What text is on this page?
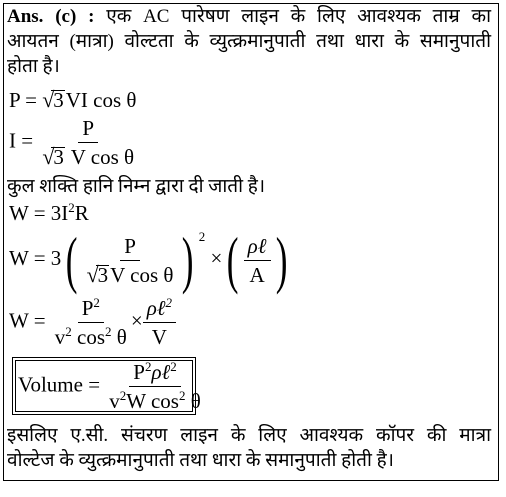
Ans. (c) : एक AC पारेषण लाइन के लिए आवश्यक ताम्र का
आयतन (मात्रा) वोल्टता के व्युत्क्रमानुपाती तथा धारा के समानुपाती
होता है।
P = √
3VI cos θ
I = P
√
3 V cos θ
कुल शक्ति हानि निम्न द्वारा दी जाती है।
$W = 3I^2R$
W = 3( P
√
3V cos θ ) $^2$ ×( $\frac{\text{ρℓ}}{A}$ )
$W = \frac{P^2}{v^2 \cos^2 \theta} \times \frac{\rho\ell^2}{V}$
Volume = $\frac{P^2\rho\ell^2}{v^2W \cos^2 \theta}$
इसलिए ए.सी. संचरण लाइन के लिए आवश्यक कॉपर की मात्रा
वोल्टेज के व्युत्क्रमानुपाती तथा धारा के समानुपाती होती है।
